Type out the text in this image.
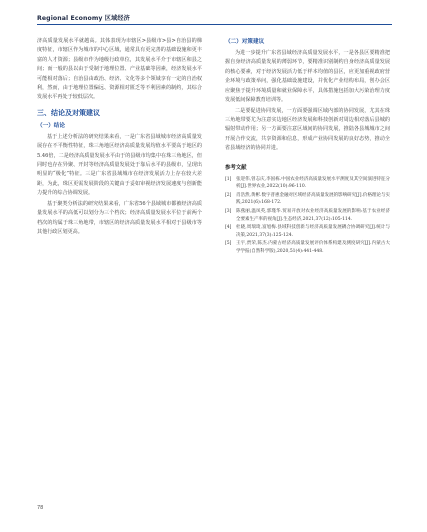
Regional Economy 区域经济

济高质量发展水平就越高。其体表现为市辖区>县级市>县>自治县的梯度特征，市辖区作为城市的中心区域，通常具有更完善的基础设施和更丰富的人才资源；县级市作为地级行政单位，其发展水平介于市辖区和县之间；而一般的县以由于受制于地理位置、产业基础等因素，经济发展水平可能相对落后；自治县由政治、经济、文化等多个领域享有一定的自治权利，然而，由于地理位置偏远、资源相对匮乏等不利因素的制约，其综合发展水平再处于较低层次。

三、结论及对策建议
（一）结论

基于上述分析法的研究结果来看，一是广东省县域城市经济高质量发展存在不平衡性特征，珠三角地区经济高质量发展均值水平要高于地区的5.46倍，二是经济高质量发展水平由于的县级市均集中在珠三角地区，但同时也存在异聚、开封等经济高质量发展处于靠后水平的县级市，呈现出明显的“极化”特征。三是广东省县域城市在经济发展活力上存在较大差距，为此，珠区更需发展阶段的关键由于妥如审视经济发展速度与创新能力提升的综合协调发展。

基于聚类分析法的研究结果来看，广东省56个县域城市都被经济高质量发展水平的高低可以划分为三个档次；经济高质量发展水平位于前两个档次的均属于珠三角地带，市辖区的经济高质量发展水平相对于县级市等其他行政区划更高。

（二）对策建议

为进一步提升广东省县域经济高质量发展水平，一是各县区要精准把握自身经济高质量发展的薄弱环节，要精准识别制约自身经济高质量发展的核心要素，对于经济发展活力低于样本均值的县区，应更加重视政府营企环境与政策举问，强化基础设施建设，并优化产业结构布局，创办会区应聚焦于提升环境质量和就业保障水平，具体措施包括加大污染治理力度发展低间保障教育培训等。

二是要促进协同发展，一方面要强调区域内部的协同发展，尤其在珠三角地带要尤为注意实边地区经济发展和科技创新对周边相对落后县城的辐射带动作用；另一方面要注意区域间的协同发展，推陆各县城城市之间开展合作交流，共享资源和信息，形成产业协同发展的良好态势，推动全省县域经济的协同并进。

参考文献
[1]	张迎伟,曾志庆,李国栋.中国农业经济高质量发展水平测度及其空间演进特征分析[J].世界农业,2022(10):96-110.
[2]	肖浩然,黄彬.数字普惠金融对区域经济高质量发展的影响研究[J].价格理论与实践,2021(6):168-172.
[3]	陈燕丽,温凤英,郭瑾华.贸易开放对农业经济高质量发展的影响:基于农业经济全要素生产率的视角[J].生态经济,2021,37(12):105-114.
[4]	杜晓,周瑞琦,富旭梅.县域科技创新与经济高质量发展耦合协调研究[J].统计与决策,2021,37(3):125-124.
[5]	王宇,贾荣,陈杰.内蒙古经济高质量发展评价体系构建及测度研究[J].内蒙古大学学报(自然科学版),2020,51(4):441-448.
78
